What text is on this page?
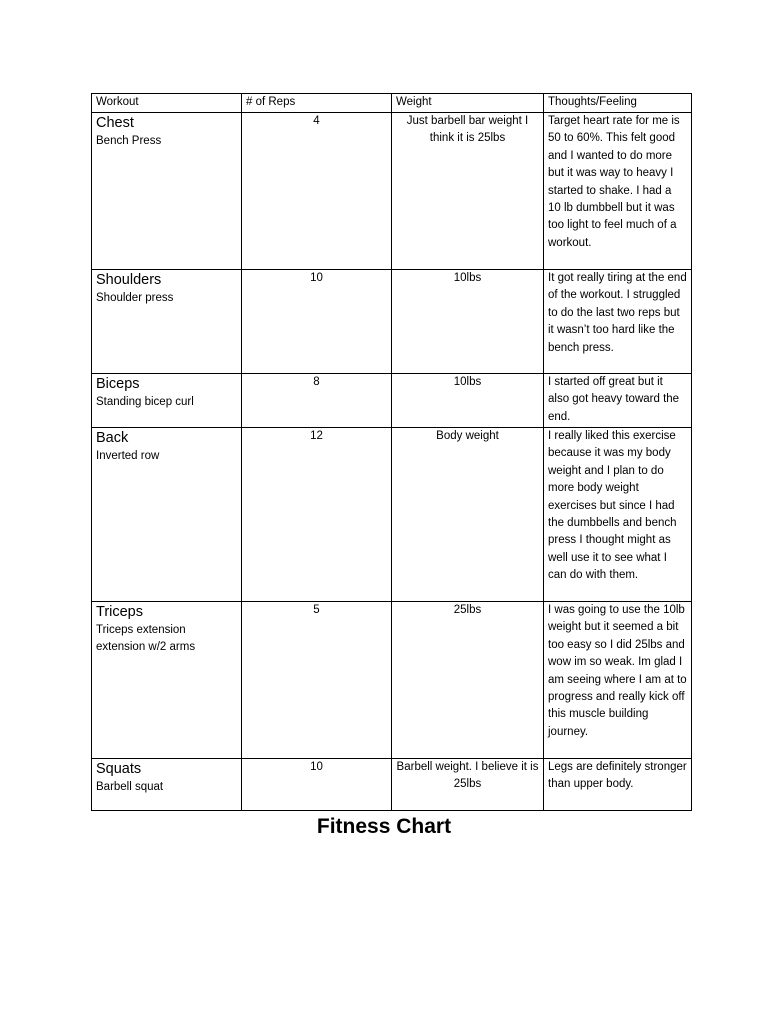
Workout	# of Reps	Weight	Thoughts/Feeling

Chest
Bench Press	4	Just barbell bar weight I think it is 25lbs	Target heart rate for me is 50 to 60%. This felt good and I wanted to do more but it was way to heavy I started to shake. I had a 10 lb dumbbell but it was too light to feel much of a workout.

Shoulders
Shoulder press	10	10lbs	It got really tiring at the end of the workout. I struggled to do the last two reps but it wasn’t too hard like the bench press.

Biceps
Standing bicep curl	8	10lbs	I started off great but it also got heavy toward the end.

Back
Inverted row	12	Body weight	I really liked this exercise because it was my body weight and I plan to do more body weight exercises but since I had the dumbbells and bench press I thought might as well use it to see what I can do with them.

Triceps
Triceps extension extension w/2 arms	5	25lbs	I was going to use the 10lb weight but it seemed a bit too easy so I did 25lbs and wow im so weak. Im glad I am seeing where I am at to progress and really kick off this muscle building journey.

Squats
Barbell squat	10	Barbell weight. I believe it is 25lbs	Legs are definitely stronger than upper body.
Fitness Chart
